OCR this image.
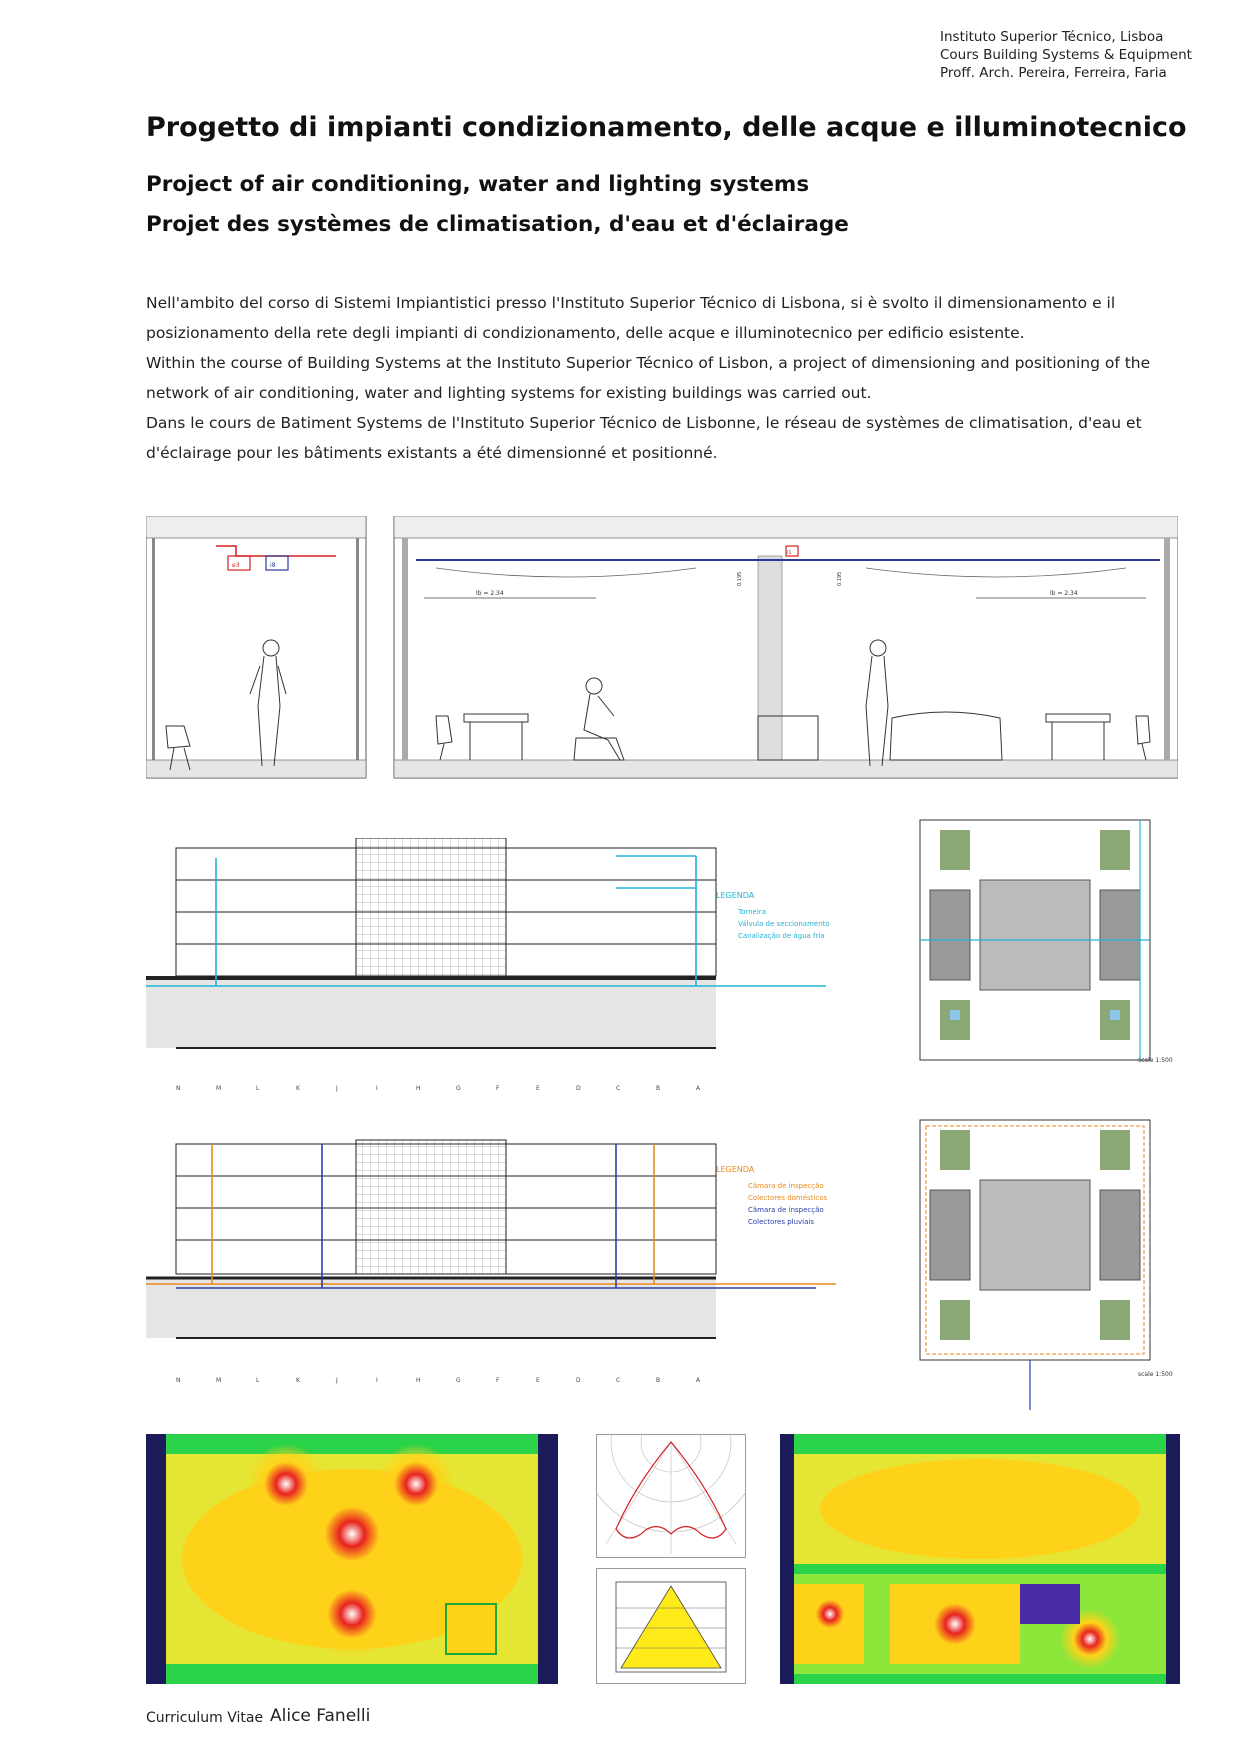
Instituto Superior Técnico, Lisboa
Cours Building Systems & Equipment
Proff. Arch. Pereira, Ferreira, Faria
Progetto di impianti condizionamento, delle acque e illuminotecnico
Project of air conditioning, water and lighting systems
Projet des systèmes de climatisation, d'eau et d'éclairage

Nell'ambito del corso di Sistemi Impiantistici presso l'Instituto Superior Técnico di Lisbona, si è svolto il dimensionamento e il posizionamento della rete degli impianti di condizionamento, delle acque e illuminotecnico per edificio esistente.

Within the course of Building Systems at the Instituto Superior Técnico of Lisbon, a project of dimensioning and positioning of the network of air conditioning, water and lighting systems for existing buildings was carried out.

Dans le cours de Batiment Systems de l'Instituto Superior Técnico de Lisbonne, le réseau de systèmes de climatisation, d'eau et d'éclairage pour les bâtiments existants a été dimensionné et positionné.

e3	i8
i1
lb = 2.34	lb = 2.34
0.195	0.195
LEGENDA
Torneira
Válvula de seccionamento
Canalização de água fria
N	M	L	K	J	I	H	G	F	E	D	C	B	A
scale 1:500
LEGENDA
Câmara de inspecção
Colectores domésticos
Câmara de inspecção
Colectores pluviais
N	M	L	K	J	I	H	G	F	E	D	C	B	A
scale 1:500
Curriculum Vitae Alice Fanelli
